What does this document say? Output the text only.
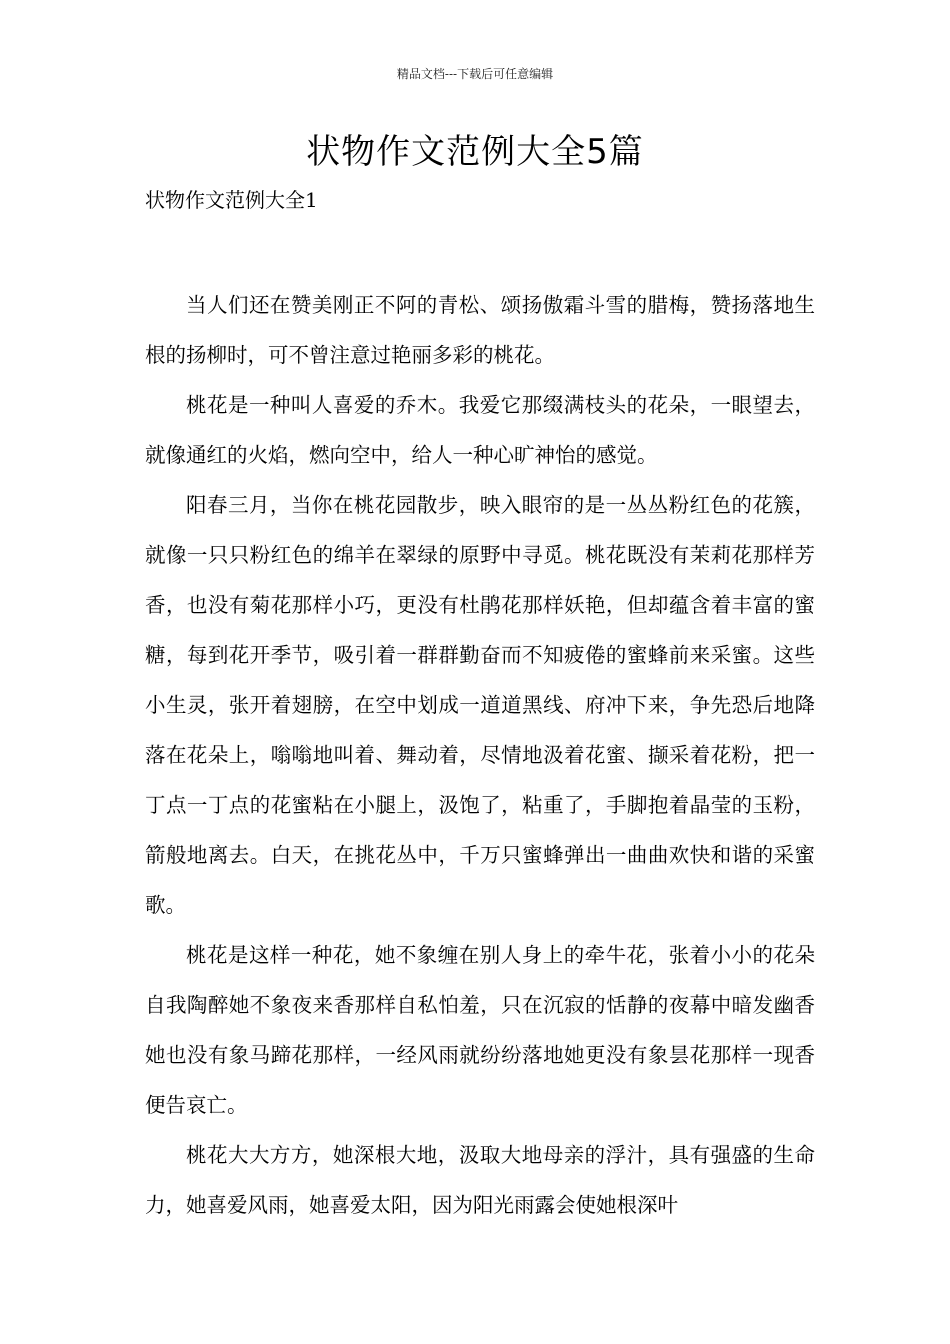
精品文档---下载后可任意编辑
状物作文范例大全5篇
状物作文范例大全1

当人们还在赞美刚正不阿的青松、颂扬傲霜斗雪的腊梅，赞扬落地生根的扬柳时，可不曾注意过艳丽多彩的桃花。

桃花是一种叫人喜爱的乔木。我爱它那缀满枝头的花朵，一眼望去，就像通红的火焰，燃向空中，给人一种心旷神怡的感觉。

阳春三月，当你在桃花园散步，映入眼帘的是一丛丛粉红色的花簇，就像一只只粉红色的绵羊在翠绿的原野中寻觅。桃花既没有茉莉花那样芳香，也没有菊花那样小巧，更没有杜鹃花那样妖艳，但却蕴含着丰富的蜜糖，每到花开季节，吸引着一群群勤奋而不知疲倦的蜜蜂前来采蜜。这些小生灵，张开着翅膀，在空中划成一道道黑线、府冲下来，争先恐后地降落在花朵上，嗡嗡地叫着、舞动着，尽情地汲着花蜜、撷采着花粉，把一丁点一丁点的花蜜粘在小腿上，汲饱了，粘重了，手脚抱着晶莹的玉粉，箭般地离去。白天，在挑花丛中，千万只蜜蜂弹出一曲曲欢快和谐的采蜜歌。

桃花是这样一种花，她不象缠在别人身上的牵牛花，张着小小的花朵自我陶醉她不象夜来香那样自私怕羞，只在沉寂的恬静的夜幕中暗发幽香她也没有象马蹄花那样，一经风雨就纷纷落地她更没有象昙花那样一现香便告哀亡。

桃花大大方方，她深根大地，汲取大地母亲的浮汁，具有强盛的生命力，她喜爱风雨，她喜爱太阳，因为阳光雨露会使她根深叶
